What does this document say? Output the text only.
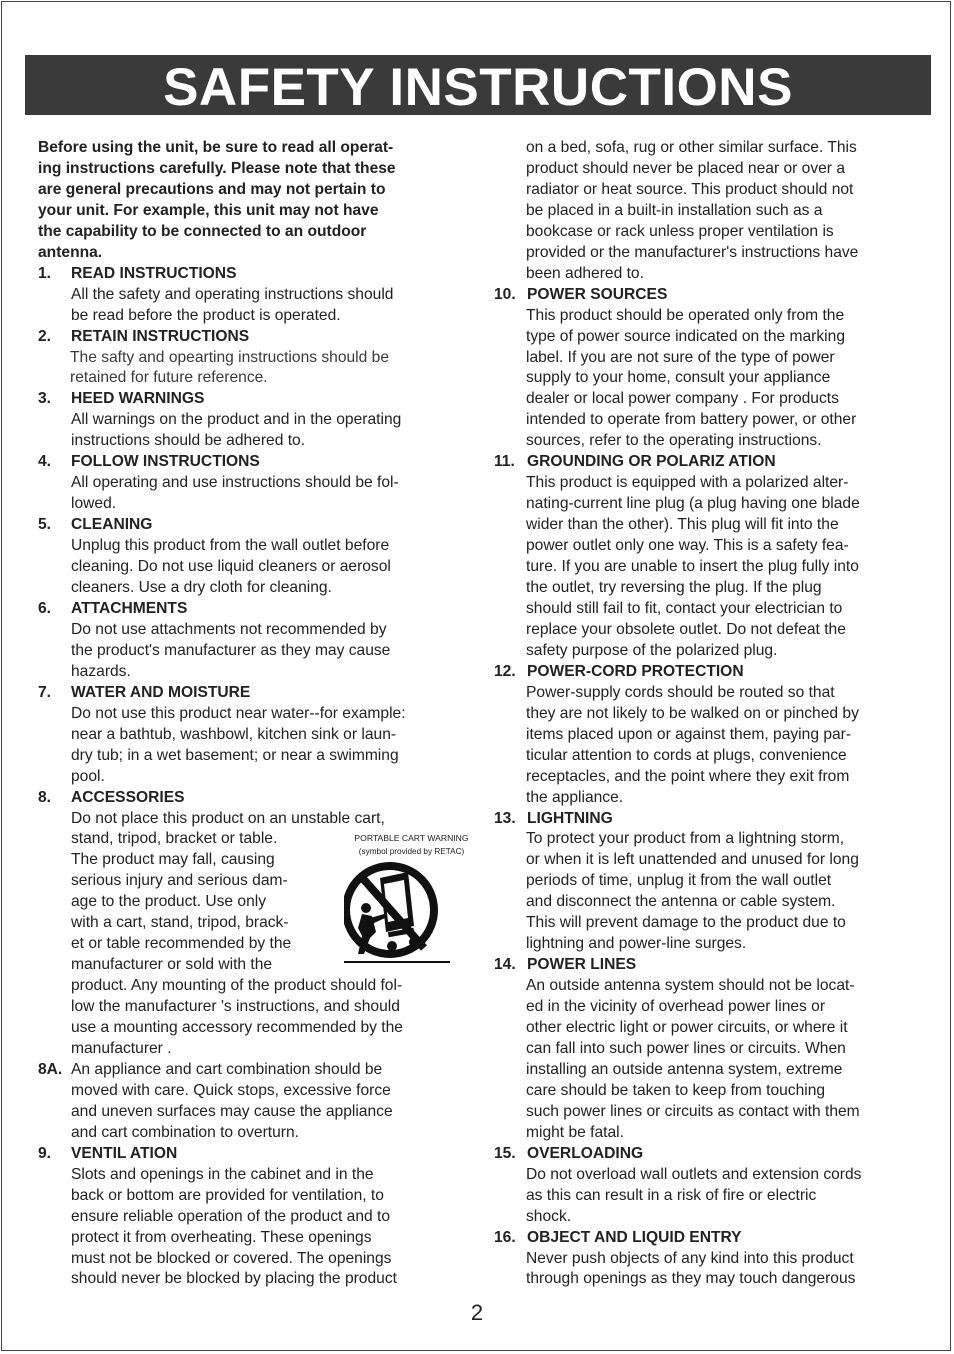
SAFETY INSTRUCTIONS
Before using the unit, be sure to read all operat-
ing instructions carefully. Please note that these
are general precautions and may not pertain to
your unit. For example, this unit may not have
the capability to be connected to an outdoor
antenna.
1.	READ INSTRUCTIONS
All the safety and operating instructions should
be read before the product is operated.
2.	RETAIN INSTRUCTIONS
The safty and opearting instructions should be
retained for future reference.
3.	HEED WARNINGS
All warnings on the product and in the operating
instructions should be adhered to.
4.	FOLLOW INSTRUCTIONS
All operating and use instructions should be fol-
lowed.
5.	CLEANING
Unplug this product from the wall outlet before
cleaning. Do not use liquid cleaners or aerosol
cleaners. Use a dry cloth for cleaning.
6.	ATTACHMENTS
Do not use attachments not recommended by
the product's manufacturer as they may cause
hazards.
7.	WATER AND MOISTURE
Do not use this product near water--for example:
near a bathtub, washbowl, kitchen sink or laun-
dry tub; in a wet basement; or near a swimming
pool.
8.	ACCESSORIES
Do not place this product on an unstable cart,
stand, tripod, bracket or table.
The product may fall, causing
serious injury and serious dam-
age to the product. Use only
with a cart, stand, tripod, brack-
et or table recommended by the
manufacturer or sold with the
product. Any mounting of the product should fol-
low the manufacturer 's instructions, and should
use a mounting accessory recommended by the
manufacturer .
8A. An appliance and cart combination should be
moved with care. Quick stops, excessive force
and uneven surfaces may cause the appliance
and cart combination to overturn.
9.	VENTIL ATION
Slots and openings in the cabinet and in the
back or bottom are provided for ventilation, to
ensure reliable operation of the product and to
protect it from overheating. These openings
must not be blocked or covered. The openings
should never be blocked by placing the product
PORTABLE CART WARNING
(symbol provided by RETAC)
on a bed, sofa, rug or other similar surface. This
product should never be placed near or over a
radiator or heat source. This product should not
be placed in a built-in installation such as a
bookcase or rack unless proper ventilation is
provided or the manufacturer's instructions have
been adhered to.
10. POWER SOURCES
This product should be operated only from the
type of power source indicated on the marking
label. If you are not sure of the type of power
supply to your home, consult your appliance
dealer or local power company . For products
intended to operate from battery power, or other
sources, refer to the operating instructions.
11. GROUNDING OR POLARIZ ATION
This product is equipped with a polarized alter-
nating-current line plug (a plug having one blade
wider than the other). This plug will fit into the
power outlet only one way. This is a safety fea-
ture. If you are unable to insert the plug fully into
the outlet, try reversing the plug. If the plug
should still fail to fit, contact your electrician to
replace your obsolete outlet. Do not defeat the
safety purpose of the polarized plug.
12. POWER-CORD PROTECTION
Power-supply cords should be routed so that
they are not likely to be walked on or pinched by
items placed upon or against them, paying par-
ticular attention to cords at plugs, convenience
receptacles, and the point where they exit from
the appliance.
13. LIGHTNING
To protect your product from a lightning storm,
or when it is left unattended and unused for long
periods of time, unplug it from the wall outlet
and disconnect the antenna or cable system.
This will prevent damage to the product due to
lightning and power-line surges.
14. POWER LINES
An outside antenna system should not be locat-
ed in the vicinity of overhead power lines or
other electric light or power circuits, or where it
can fall into such power lines or circuits. When
installing an outside antenna system, extreme
care should be taken to keep from touching
such power lines or circuits as contact with them
might be fatal.
15. OVERLOADING
Do not overload wall outlets and extension cords
as this can result in a risk of fire or electric
shock.
16. OBJECT AND LIQUID ENTRY
Never push objects of any kind into this product
through openings as they may touch dangerous
2
